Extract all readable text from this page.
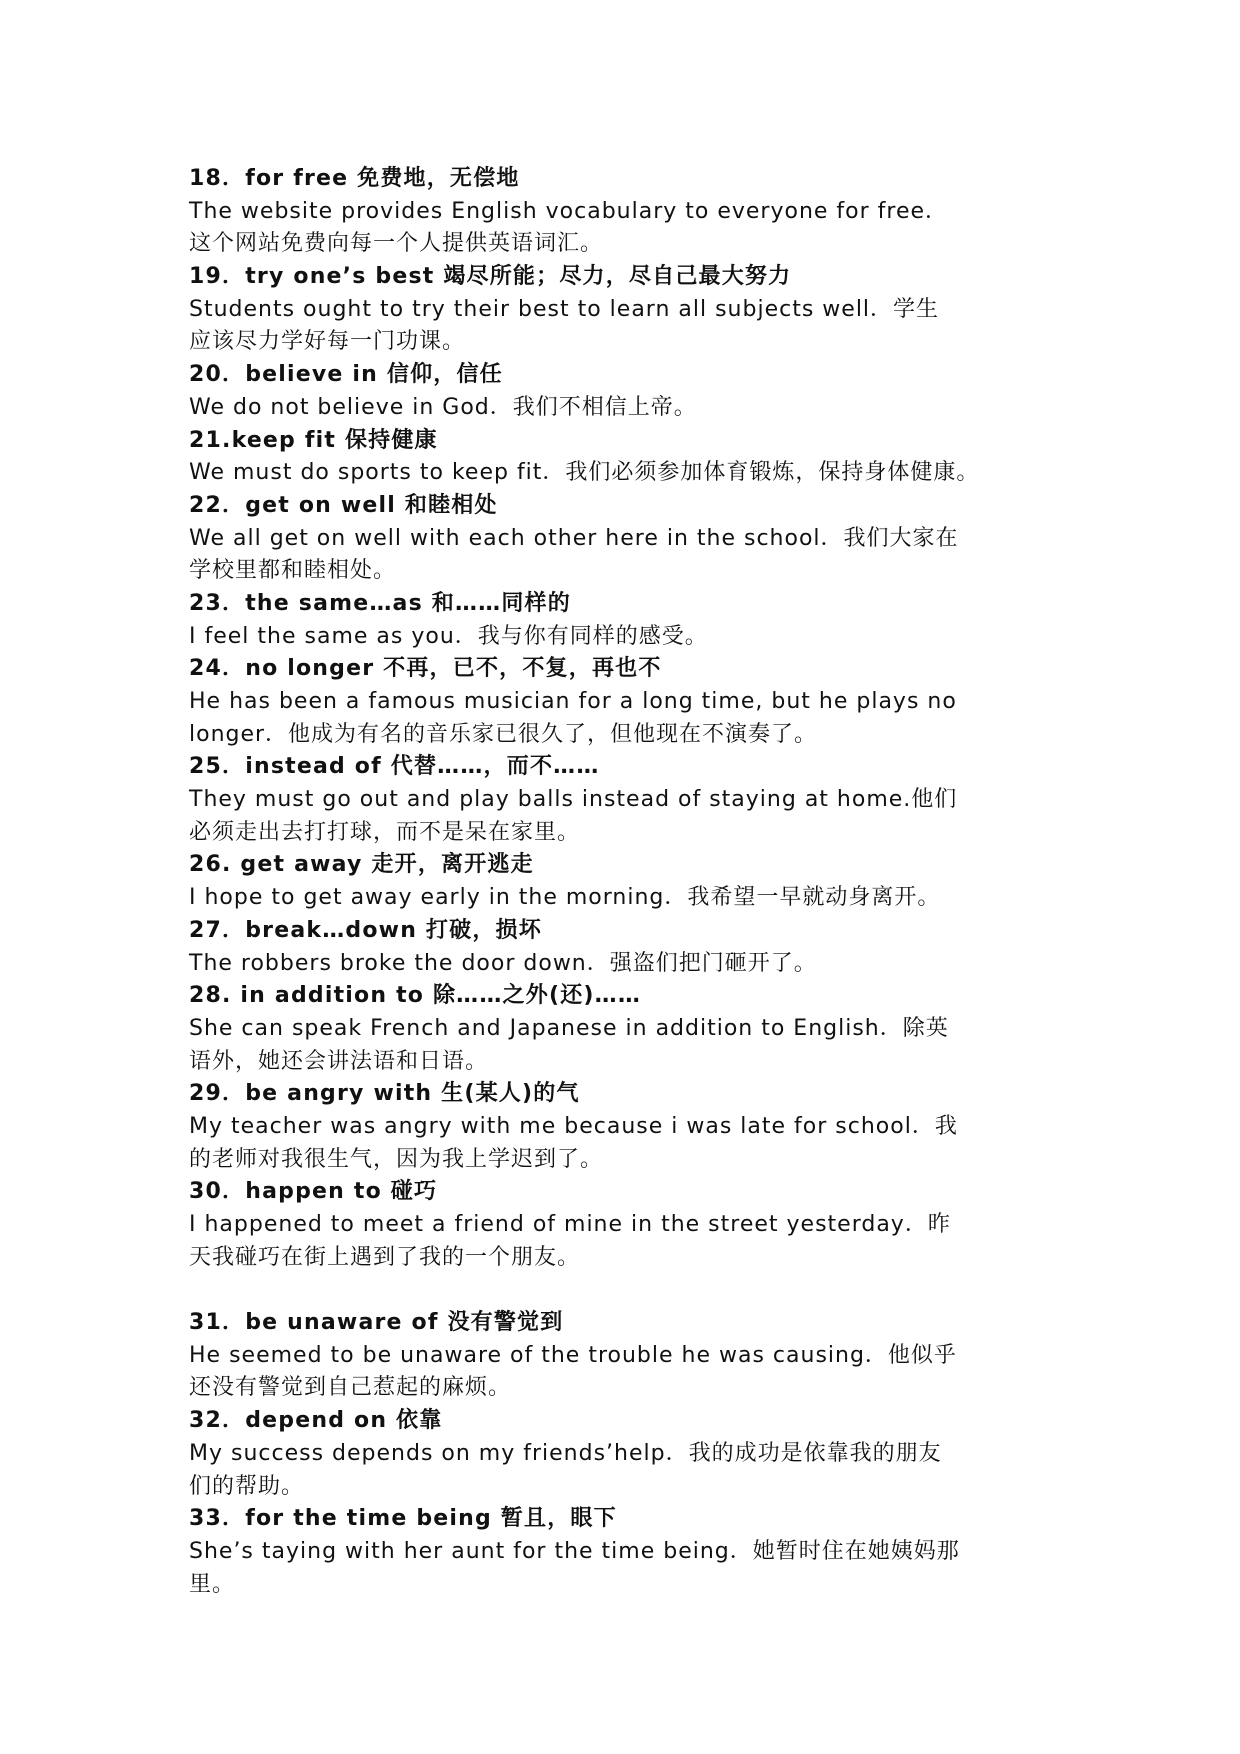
18．for free 免费地，无偿地
The website provides English vocabulary to everyone for free．
这个网站免费向每一个人提供英语词汇。
19．try one’s best 竭尽所能；尽力，尽自己最大努力
Students ought to try their best to learn all subjects well．学生
应该尽力学好每一门功课。
20．believe in 信仰，信任
We do not believe in God．我们不相信上帝。
21.keep fit 保持健康
We must do sports to keep fit．我们必须参加体育锻炼，保持身体健康。
22．get on well 和睦相处
We all get on well with each other here in the school．我们大家在
学校里都和睦相处。
23．the same…as 和……同样的
I feel the same as you．我与你有同样的感受。
24．no longer 不再，已不，不复，再也不
He has been a famous musician for a long time, but he plays no
longer．他成为有名的音乐家已很久了，但他现在不演奏了。
25．instead of 代替……，而不……
They must go out and play balls instead of staying at home.他们
必须走出去打打球，而不是呆在家里。
26. get away 走开，离开逃走
I hope to get away early in the morning．我希望一早就动身离开。
27．break…down 打破，损坏
The robbers broke the door down．强盗们把门砸开了。
28. in addition to 除……之外(还)……
She can speak French and Japanese in addition to English．除英
语外，她还会讲法语和日语。
29．be angry with 生(某人)的气
My teacher was angry with me because i was late for school．我
的老师对我很生气，因为我上学迟到了。
30．happen to 碰巧
I happened to meet a friend of mine in the street yesterday．昨
天我碰巧在街上遇到了我的一个朋友。
31．be unaware of 没有警觉到
He seemed to be unaware of the trouble he was causing．他似乎
还没有警觉到自己惹起的麻烦。
32．depend on 依靠
My success depends on my friends’help．我的成功是依靠我的朋友
们的帮助。
33．for the time being 暂且，眼下
She’s taying with her aunt for the time being．她暂时住在她姨妈那
里。
